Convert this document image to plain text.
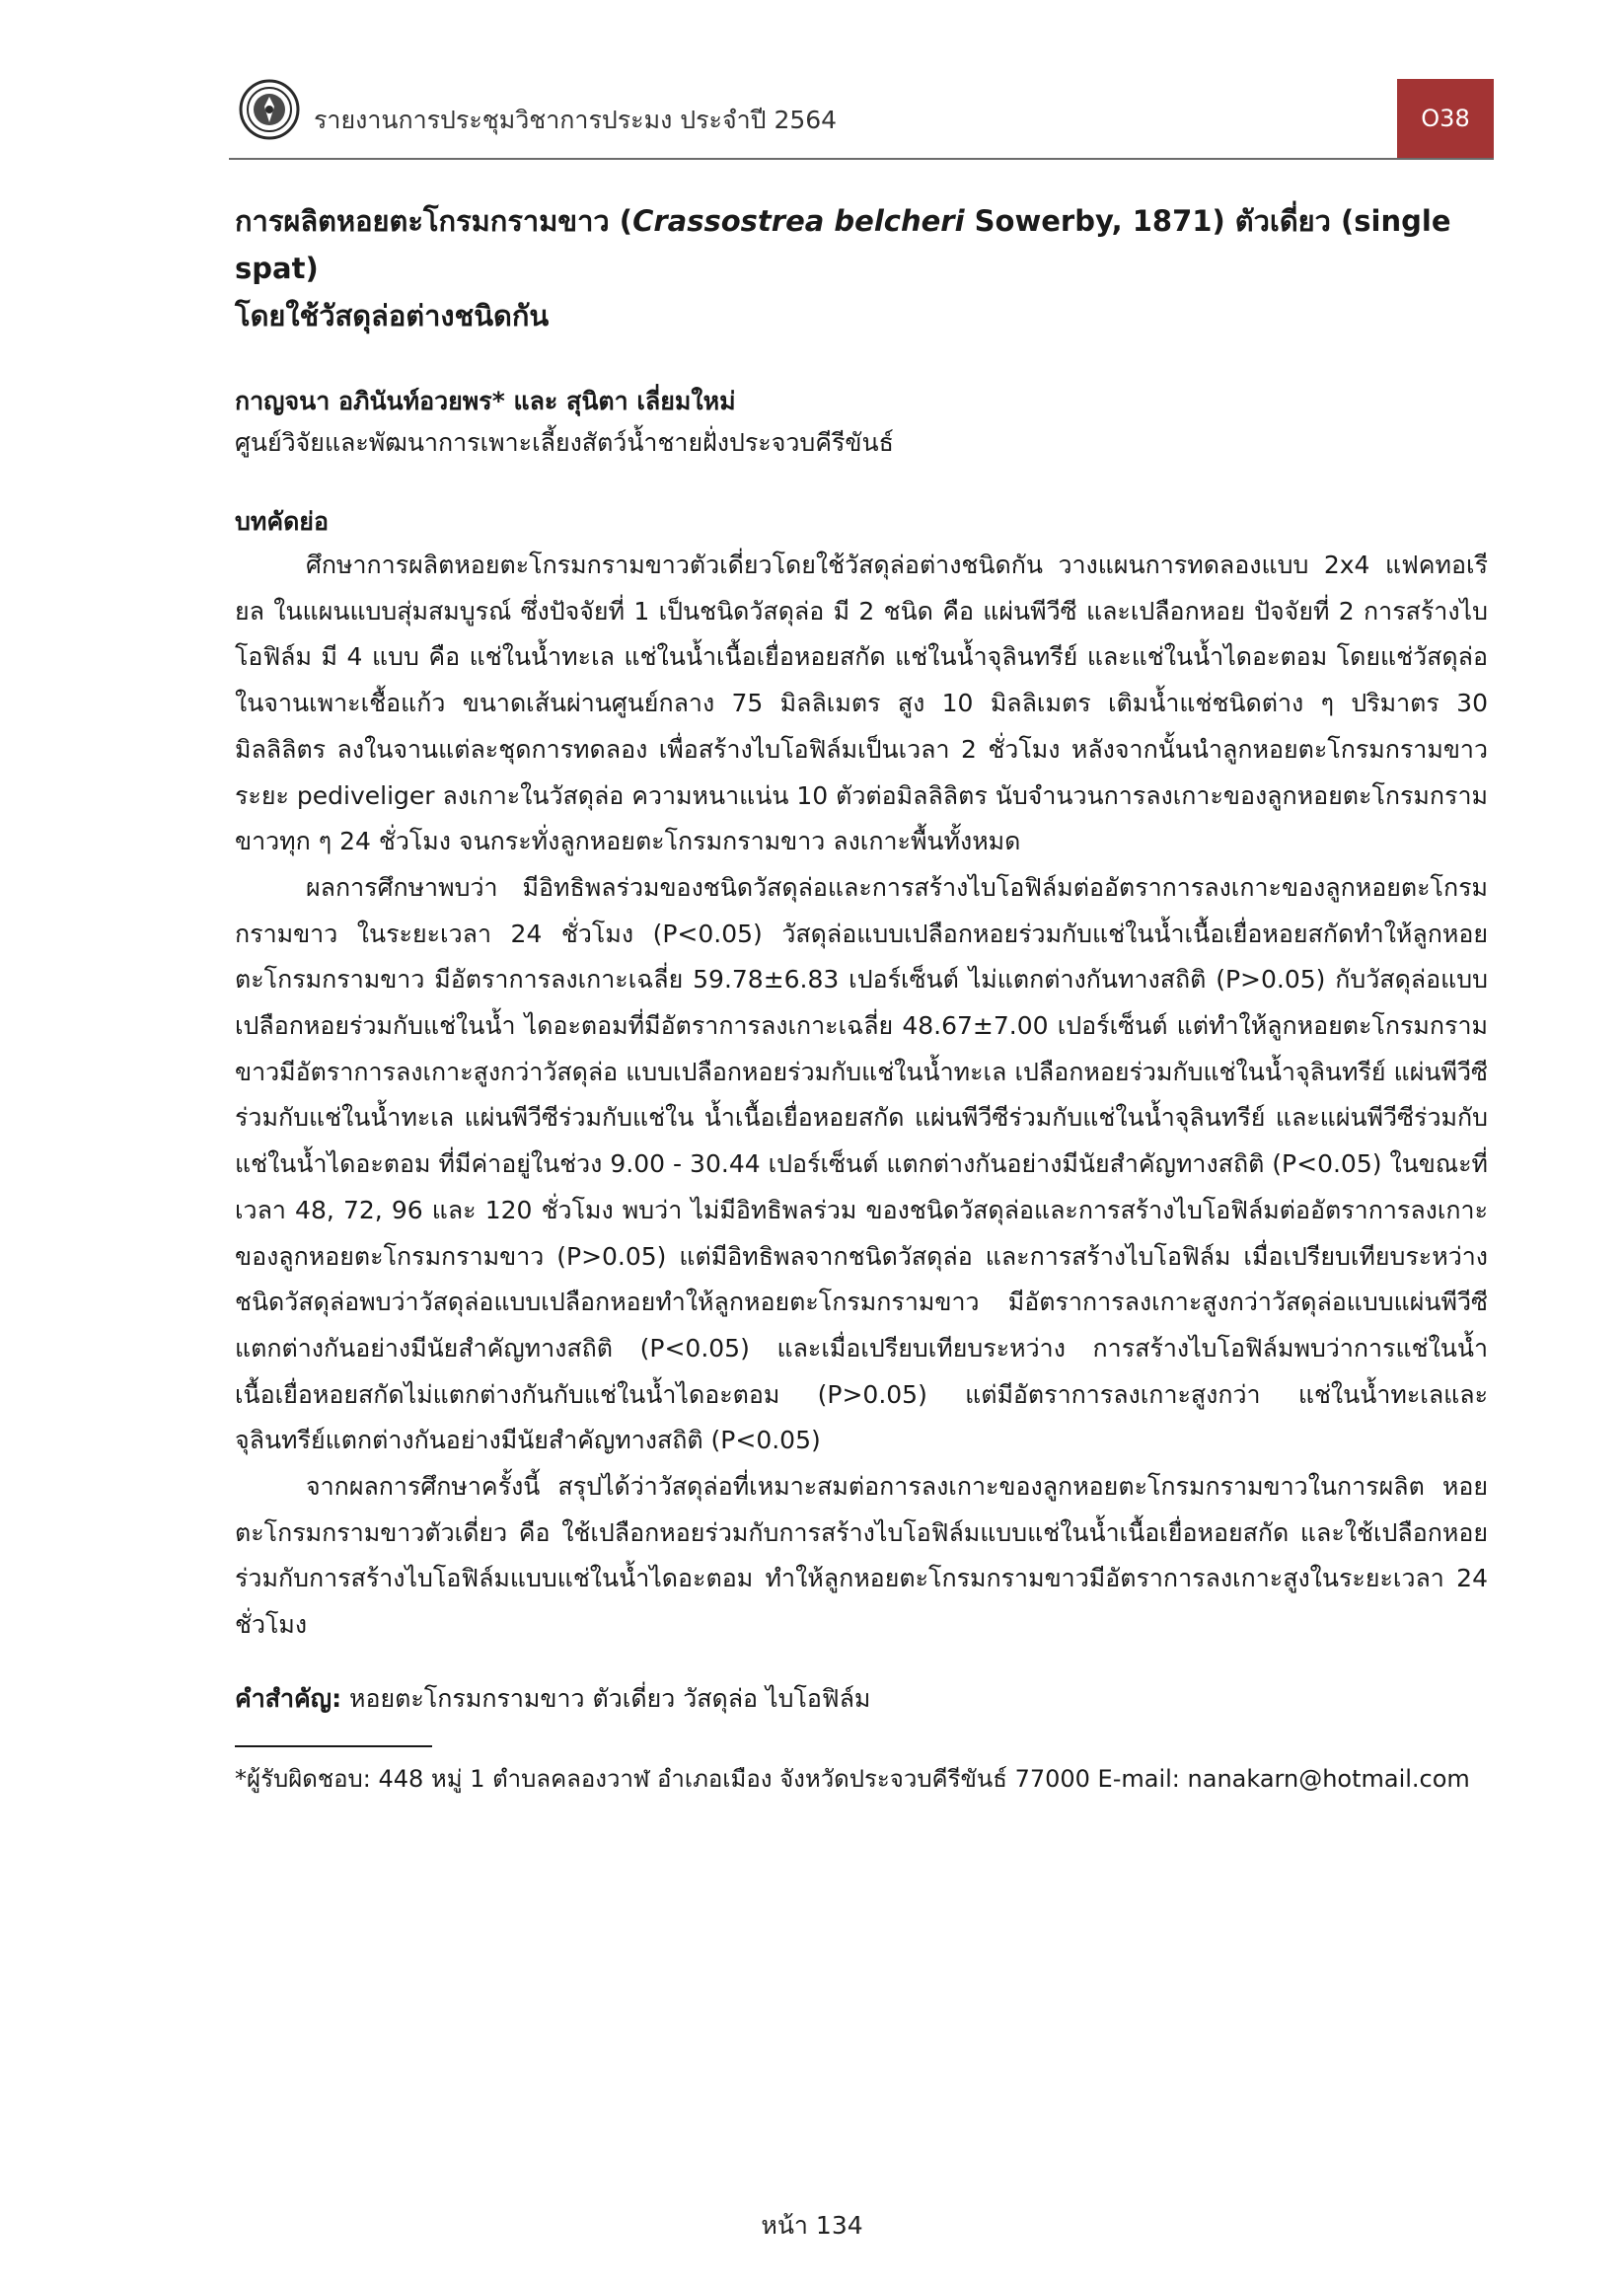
รายงานการประชุมวิชาการประมง ประจำปี 2564	O38
การผลิตหอยตะโกรมกรามขาว (Crassostrea belcheri Sowerby, 1871) ตัวเดี่ยว (single spat)
โดยใช้วัสดุล่อต่างชนิดกัน

กาญจนา อภินันท์อวยพร* และ สุนิตา เลี่ยมใหม่

ศูนย์วิจัยและพัฒนาการเพาะเลี้ยงสัตว์น้ำชายฝั่งประจวบคีรีขันธ์

บทคัดย่อ

ศึกษาการผลิตหอยตะโกรมกรามขาวตัวเดี่ยวโดยใช้วัสดุล่อต่างชนิดกัน วางแผนการทดลองแบบ 2x4 แฟคทอเรียล ในแผนแบบสุ่มสมบูรณ์ ซึ่งปัจจัยที่ 1 เป็นชนิดวัสดุล่อ มี 2 ชนิด คือ แผ่นพีวีซี และเปลือกหอย ปัจจัยที่ 2 การสร้างไบโอฟิล์ม มี 4 แบบ คือ แช่ในน้ำทะเล แช่ในน้ำเนื้อเยื่อหอยสกัด แช่ในน้ำจุลินทรีย์ และแช่ในน้ำไดอะตอม โดยแช่วัสดุล่อในจานเพาะเชื้อแก้ว ขนาดเส้นผ่านศูนย์กลาง 75 มิลลิเมตร สูง 10 มิลลิเมตร เติมน้ำแช่ชนิดต่าง ๆ ปริมาตร 30 มิลลิลิตร ลงในจานแต่ละชุดการทดลอง เพื่อสร้างไบโอฟิล์มเป็นเวลา 2 ชั่วโมง หลังจากนั้นนำลูกหอยตะโกรมกรามขาวระยะ pediveliger ลงเกาะในวัสดุล่อ ความหนาแน่น 10 ตัวต่อมิลลิลิตร นับจำนวนการลงเกาะของลูกหอยตะโกรมกรามขาวทุก ๆ 24 ชั่วโมง จนกระทั่งลูกหอยตะโกรมกรามขาว ลงเกาะพื้นทั้งหมด

ผลการศึกษาพบว่า มีอิทธิพลร่วมของชนิดวัสดุล่อและการสร้างไบโอฟิล์มต่ออัตราการลงเกาะของลูกหอยตะโกรมกรามขาว ในระยะเวลา 24 ชั่วโมง (P<0.05) วัสดุล่อแบบเปลือกหอยร่วมกับแช่ในน้ำเนื้อเยื่อหอยสกัดทำให้ลูกหอยตะโกรมกรามขาว มีอัตราการลงเกาะเฉลี่ย 59.78±6.83 เปอร์เซ็นต์ ไม่แตกต่างกันทางสถิติ (P>0.05) กับวัสดุล่อแบบเปลือกหอยร่วมกับแช่ในน้ำ ไดอะตอมที่มีอัตราการลงเกาะเฉลี่ย 48.67±7.00 เปอร์เซ็นต์ แต่ทำให้ลูกหอยตะโกรมกรามขาวมีอัตราการลงเกาะสูงกว่าวัสดุล่อ แบบเปลือกหอยร่วมกับแช่ในน้ำทะเล เปลือกหอยร่วมกับแช่ในน้ำจุลินทรีย์ แผ่นพีวีซีร่วมกับแช่ในน้ำทะเล แผ่นพีวีซีร่วมกับแช่ใน น้ำเนื้อเยื่อหอยสกัด แผ่นพีวีซีร่วมกับแช่ในน้ำจุลินทรีย์ และแผ่นพีวีซีร่วมกับแช่ในน้ำไดอะตอม ที่มีค่าอยู่ในช่วง 9.00 - 30.44 เปอร์เซ็นต์ แตกต่างกันอย่างมีนัยสำคัญทางสถิติ (P<0.05) ในขณะที่เวลา 48, 72, 96 และ 120 ชั่วโมง พบว่า ไม่มีอิทธิพลร่วม ของชนิดวัสดุล่อและการสร้างไบโอฟิล์มต่ออัตราการลงเกาะของลูกหอยตะโกรมกรามขาว (P>0.05) แต่มีอิทธิพลจากชนิดวัสดุล่อ และการสร้างไบโอฟิล์ม เมื่อเปรียบเทียบระหว่างชนิดวัสดุล่อพบว่าวัสดุล่อแบบเปลือกหอยทำให้ลูกหอยตะโกรมกรามขาว มีอัตราการลงเกาะสูงกว่าวัสดุล่อแบบแผ่นพีวีซีแตกต่างกันอย่างมีนัยสำคัญทางสถิติ (P<0.05) และเมื่อเปรียบเทียบระหว่าง การสร้างไบโอฟิล์มพบว่าการแช่ในน้ำเนื้อเยื่อหอยสกัดไม่แตกต่างกันกับแช่ในน้ำไดอะตอม (P>0.05) แต่มีอัตราการลงเกาะสูงกว่า แช่ในน้ำทะเลและจุลินทรีย์แตกต่างกันอย่างมีนัยสำคัญทางสถิติ (P<0.05)

จากผลการศึกษาครั้งนี้ สรุปได้ว่าวัสดุล่อที่เหมาะสมต่อการลงเกาะของลูกหอยตะโกรมกรามขาวในการผลิต หอยตะโกรมกรามขาวตัวเดี่ยว คือ ใช้เปลือกหอยร่วมกับการสร้างไบโอฟิล์มแบบแช่ในน้ำเนื้อเยื่อหอยสกัด และใช้เปลือกหอย ร่วมกับการสร้างไบโอฟิล์มแบบแช่ในน้ำไดอะตอม ทำให้ลูกหอยตะโกรมกรามขาวมีอัตราการลงเกาะสูงในระยะเวลา 24 ชั่วโมง

คำสำคัญ: หอยตะโกรมกรามขาว ตัวเดี่ยว วัสดุล่อ ไบโอฟิล์ม

*ผู้รับผิดชอบ: 448 หมู่ 1 ตำบลคลองวาฬ อำเภอเมือง จังหวัดประจวบคีรีขันธ์ 77000 E-mail: nanakarn@hotmail.com

หน้า 134
